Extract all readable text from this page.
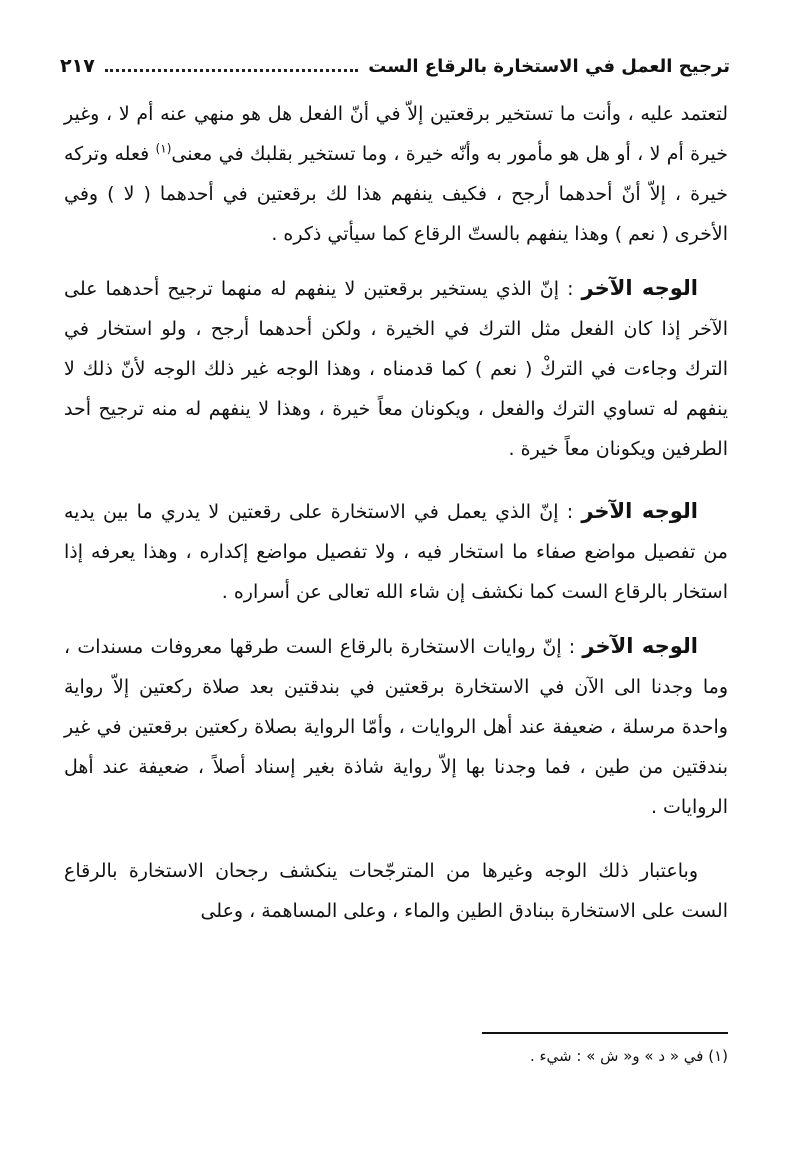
ترجيح العمل في الاستخارة بالرقاع الست
٢١٧

لتعتمد عليه ، وأنت ما تستخير برقعتين إلاّ في أنّ الفعل هل هو منهي عنه أم لا ، وغير خيرة أم لا ، أو هل هو مأمور به وأنّه خيرة ، وما تستخير بقلبك في معنى$^{(١)}$ فعله وتركه خيرة ، إلاّ أنّ أحدهما أرجح ، فكيف ينفهم هذا لك برقعتين في أحدهما ( لا ) وفي الأخرى ( نعم ) وهذا ينفهم بالستّ الرقاع كما سيأتي ذكره .

الوجه الآخر : إنّ الذي يستخير برقعتين لا ينفهم له منهما ترجيح أحدهما على الآخر إذا كان الفعل مثل الترك في الخيرة ، ولكن أحدهما أرجح ، ولو استخار في الترك وجاءت في التركْ ( نعم ) كما قدمناه ، وهذا الوجه غير ذلك الوجه لأنّ ذلك لا ينفهم له تساوي الترك والفعل ، ويكونان معاً خيرة ، وهذا لا ينفهم له منه ترجيح أحد الطرفين ويكونان معاً خيرة .

الوجه الآخر : إنّ الذي يعمل في الاستخارة على رقعتين لا يدري ما بين يديه من تفصيل مواضع صفاء ما استخار فيه ، ولا تفصيل مواضع إكداره ، وهذا يعرفه إذا استخار بالرقاع الست كما نكشف إن شاء الله تعالى عن أسراره .

الوجه الآخر : إنّ روايات الاستخارة بالرقاع الست طرقها معروفات مسندات ، وما وجدنا الى الآن في الاستخارة برقعتين في بندقتين بعد صلاة ركعتين إلاّ رواية واحدة مرسلة ، ضعيفة عند أهل الروايات ، وأمّا الرواية بصلاة ركعتين برقعتين في غير بندقتين من طين ، فما وجدنا بها إلاّ رواية شاذة بغير إسناد أصلاً ، ضعيفة عند أهل الروايات .

وباعتبار ذلك الوجه وغيرها من المترجّحات ينكشف رجحان الاستخارة بالرقاع الست على الاستخارة ببنادق الطين والماء ، وعلى المساهمة ، وعلى

(١) في « د » و« ش » : شيء .
